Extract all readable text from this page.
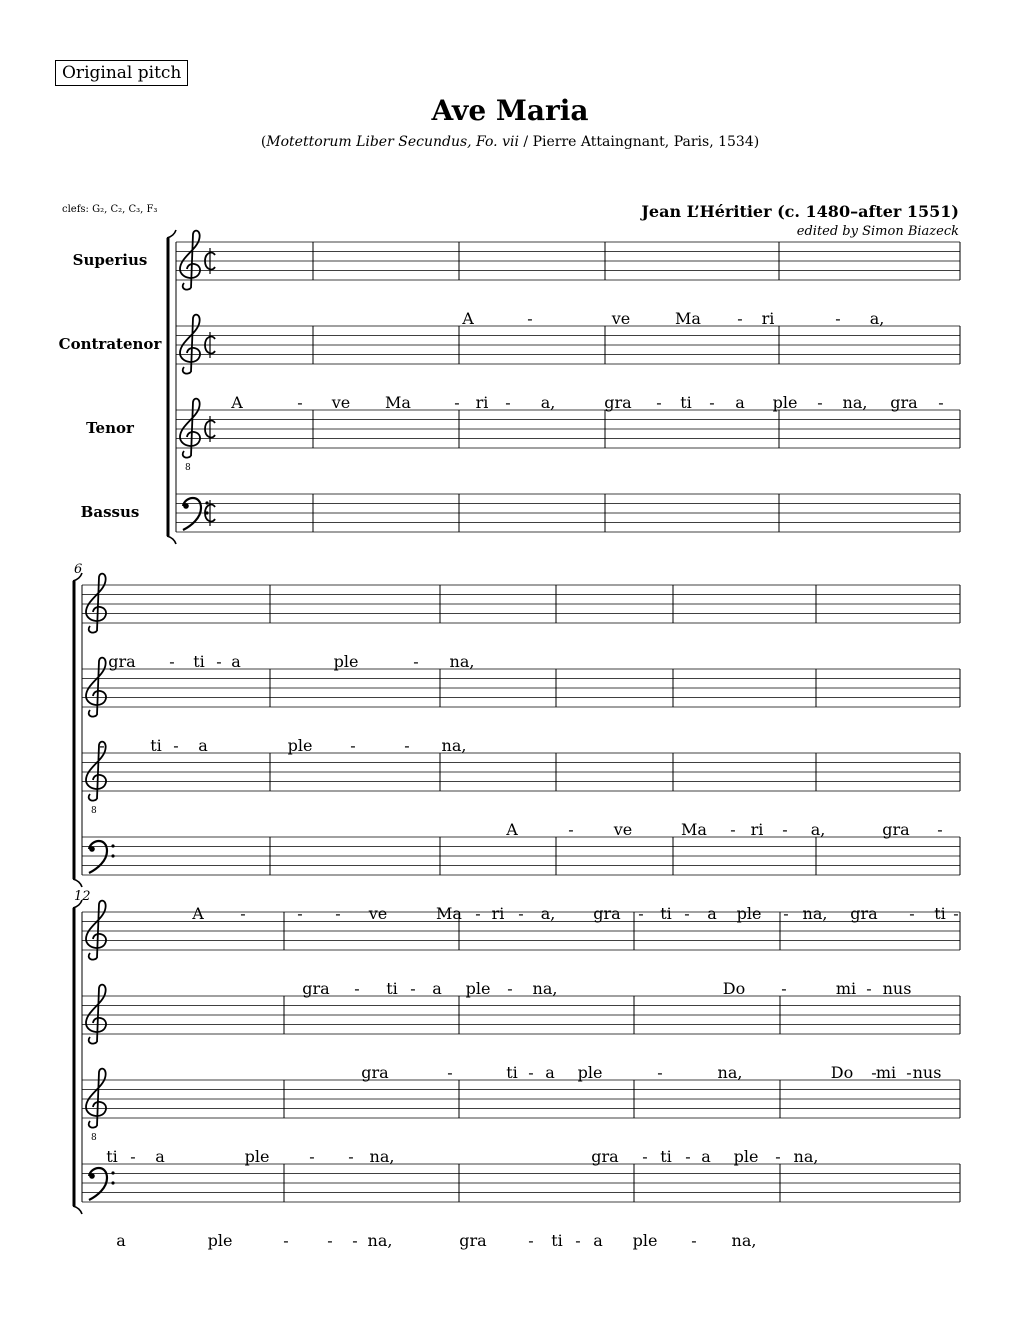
Original pitch
Ave Maria
(Motettorum Liber Secundus, Fo. vii / Pierre Attaingnant, Paris, 1534)
clefs: G₂, C₂, C₃, F₃	Jean L’Héritier (c. 1480–after 1551)
edited by Simon Biazeck
Superius
A	-	ve	Ma - ri	- a,
Contratenor
A	- ve Ma	- ri - a,	gra - ti - a ple - na, gra -
8
Tenor
Bassus
6
gra - ti - a	ple	- na,
-	ti - a	ple -	- na,
8
A	-	ve	Ma - ri - a,	gra -
A -	- - ve	Ma - ri - a, gra - ti - a ple - na, gra - ti -
12
gra - ti - a ple - na,	Do -	mi - nus
gra	-	ti - a ple	-	na,	Do - mi - nus
8
ti - a	ple - - na,	gra - ti - a ple - na,
a	ple	- - - na,	gra	- ti - a ple - na,
